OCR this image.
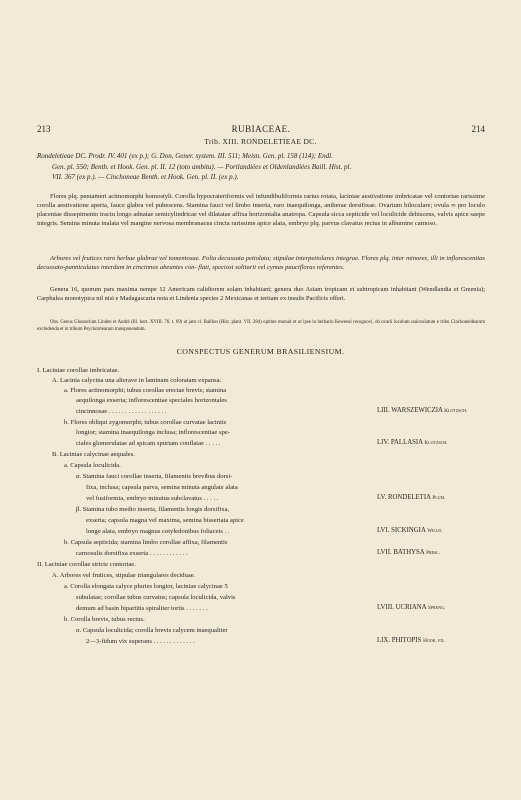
213	RUBIACEAE.	214
Trib. XIII. RONDELETIEAE DC.
Rondeletieae DC. Prodr. IV. 401 (ex p.); G. Don, Gener. system. III. 511; Meisn. Gen. pl. 158 (114); Endl.
Gen. pl. 550; Benth. et Hook. Gen. pl. II. 12 (toto ambitu). — Portlandiées et Oldenlandiées Baill. Hist. pl.
VII. 367 (ex p.). — Cinchoneae Benth. et Hook. Gen. pl. II. (ex p.).
Flores plq. pentameri actinomorphi homostyli. Corolla hypocrateriformis vel infundibuliformis rarius rotata, laciniae aestivatione imbricatae vel contortae rarissime corolla aestivatione aperta, fauce glabra vel pubescens. Stamina fauci vel limbo inserta, raro inaequilonga, antherae dorsifixae. Ovarium biloculare; ovula ∞ pro loculo placentae dissepimento tractu longo adnatae semicylindricae vel dilatatae affixa horizontalia anatropa. Capsula sicca septicide vel loculicide dehiscens, valvis apice saepe integris. Semina minuta inalata vel margine nervosa membranacea cincta rarissime apice alata, embryo plq. parvus clavatus rectus in albumine carnoso.
Arbores vel frutices raro herbae glabrae vel tomentosae. Folia decussata petiolata; stipulae interpetiolares integrae. Flores plq. inter minores, illi in inflorescentias decussato-panniculatas interdum in cincinnos abeuntes con- flati, speciosi solitarii vel cymas paucifloras referentes.
Genera 16, quorum pars maxima nempe 12 Americam calidiorem solam inhabitant; genera duo Asiam tropicam et subtropicam inhabitant (Wendlandia et Greenia); Carphalea monotypica nil nisi e Madagascaria nota et Lindenia species 2 Mexicanas et tertiam ex insulis Pacificis offert.
Obs. Genus Glossurium Linden et André (Ill. hort. XVIII. 76. t. 69) ut jam cl. Baillon (Hist. plant. VII. 284) optime monuit et ut ipse in herbario Kewensi recognovi, ob ovarii loculum uniovulatum e tribu Cinchoneidearum excludenda et in tribum Psychotriearum transponendum.
CONSPECTUS GENERUM BRASILIENSIUM.
I. Laciniae corollae imbricatae.
A. Lacinia calycina una alterave in laminam coloratam expansa.
a. Flores actinomorphi; tubus corollae erectae brevis; stamina
aequilonga exserta; inflorescentiae speciales horizontales
cincinnosae . . . . . . . . . . . . . . . . . .
b. Flores obliqui zygomorphi; tubus corollae curvatae laciniis
longior; stamina inaequilonga inclusa; inflorescentiae spe-
ciales glomerulatae ad spicam spuriam conflatae . . . . .
B. Laciniae calycinae aequales.
a. Capsula loculicida.
α. Stamina fauci corollae inserta, filamentis brevibus dorsi-
fixa, inclusa; capsula parva, semina minuta angulate alata
vel fusiformia, embryo minutus subclavatus . . . . .
β. Stamina tubo medio inserta, filamentis longis dorsifixa,
exserta; capsula magna vel maxima, semina bisseriata apice
longe alata, embryo magnus cotyledonibus foliaceis . .
b. Capsula septicida; stamina limbo corollae affixa, filamentis
carnosulis dorsifixa exserta . . . . . . . . . . . .
II. Laciniae corollae stricte contortae.
A. Arbores vel frutices, stipulae triangulares deciduae.
a. Corolla elongata calyce pluries longior, laciniae calycinae 5
subulatae; corollae tubus curvatus; capsula loculicida, valvis
demum ad basin bipartitis spiraliter tortis . . . . . . .
b. Corolla brevis, tubus rectus.
α. Capsula loculicida; corolla brevis calycem inaequaliter
2—3-fidum vix superans . . . . . . . . . . . . .
LIII. WARSZEWICZIA Klotzsch.
LIV. PALLASIA Klotzsch.
LV. RONDELETIA Plum.
LVI. SICKINGIA Willd.
LVII. BATHYSA Presl.
LVIII. UCRIANA Spreng.
LIX. PHITOPIS Hook. fil.
